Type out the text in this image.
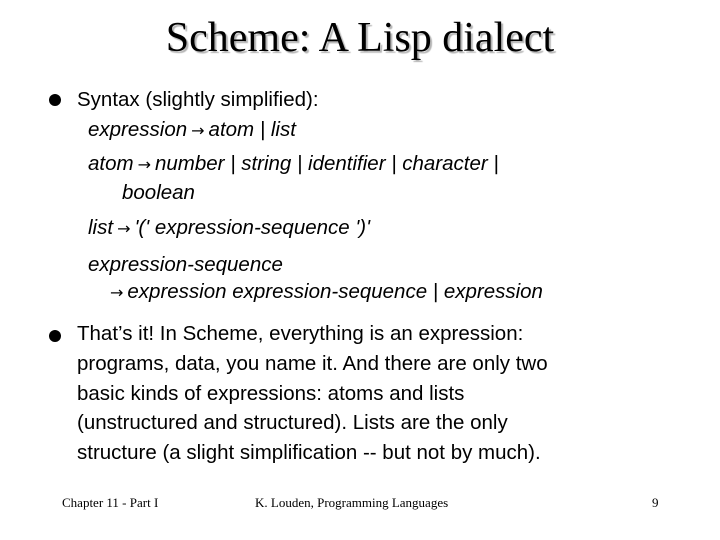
Scheme: A Lisp dialect
Syntax (slightly simplified):
expression → atom | list
atom → number | string | identifier | character |
boolean
list → '(' expression-sequence ')'
expression-sequence
→ expression expression-sequence | expression
That’s it! In Scheme, everything is an expression:
programs, data, you name it. And there are only two
basic kinds of expressions: atoms and lists
(unstructured and structured). Lists are the only
structure (a slight simplification -- but not by much).
Chapter 11 - Part I	K. Louden, Programming Languages	9
